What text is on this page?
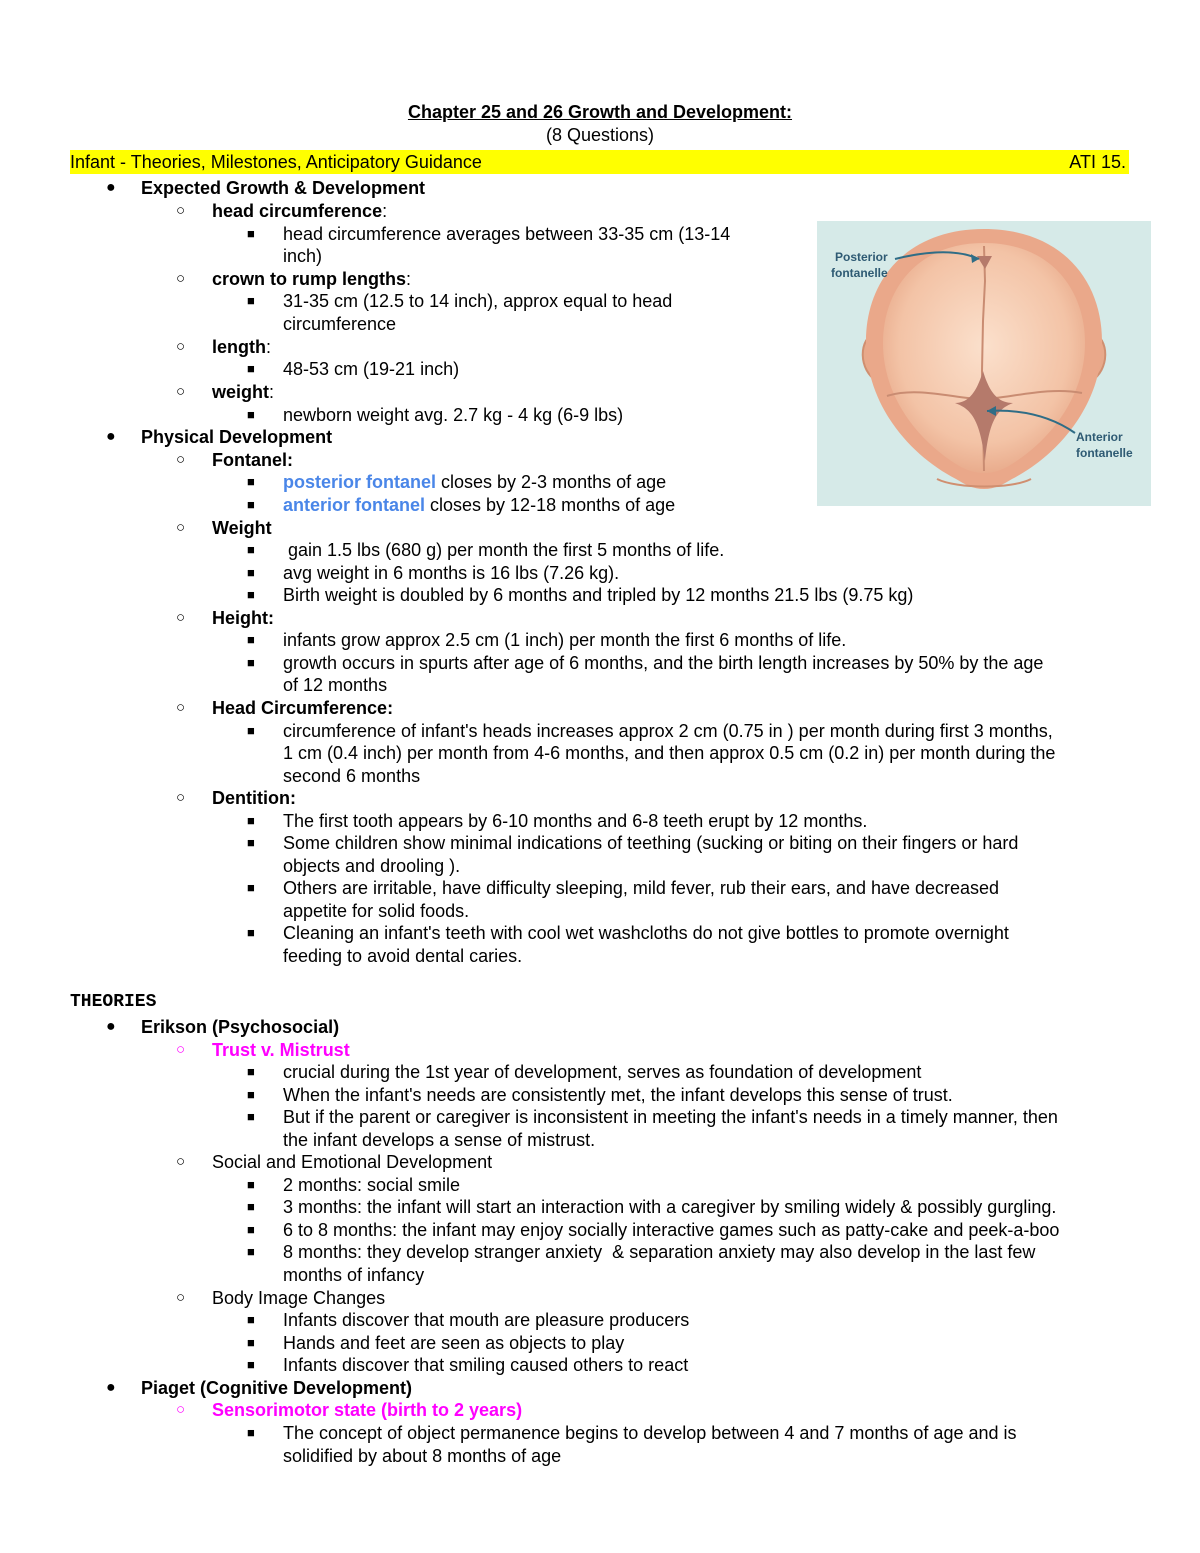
Chapter 25 and 26 Growth and Development:
(8 Questions)
Infant - Theories, Milestones, Anticipatory Guidance	ATI 15.
Posterior
fontanelle
Anterior
fontanelle
● Expected Growth & Development
○ head circumference:
■ head circumference averages between 33-35 cm (13-14
inch)
○ crown to rump lengths:
■ 31-35 cm (12.5 to 14 inch), approx equal to head
circumference
○ length:
■ 48-53 cm (19-21 inch)
○ weight:
■ newborn weight avg. 2.7 kg - 4 kg (6-9 lbs)
● Physical Development
○ Fontanel:
■ posterior fontanel closes by 2-3 months of age
■ anterior fontanel closes by 12-18 months of age
○ Weight
■ gain 1.5 lbs (680 g) per month the first 5 months of life.
■ avg weight in 6 months is 16 lbs (7.26 kg).
■ Birth weight is doubled by 6 months and tripled by 12 months 21.5 lbs (9.75 kg)
○ Height:
■ infants grow approx 2.5 cm (1 inch) per month the first 6 months of life.
■ growth occurs in spurts after age of 6 months, and the birth length increases by 50% by the age
of 12 months
○ Head Circumference:
■ circumference of infant's heads increases approx 2 cm (0.75 in ) per month during first 3 months,
1 cm (0.4 inch) per month from 4-6 months, and then approx 0.5 cm (0.2 in) per month during the
second 6 months
○ Dentition:
■ The first tooth appears by 6-10 months and 6-8 teeth erupt by 12 months.
■ Some children show minimal indications of teething (sucking or biting on their fingers or hard
objects and drooling ).
■ Others are irritable, have difficulty sleeping, mild fever, rub their ears, and have decreased
appetite for solid foods.
■ Cleaning an infant's teeth with cool wet washcloths do not give bottles to promote overnight
feeding to avoid dental caries.
THEORIES
● Erikson (Psychosocial)
○ Trust v. Mistrust
■ crucial during the 1st year of development, serves as foundation of development
■ When the infant's needs are consistently met, the infant develops this sense of trust.
■ But if the parent or caregiver is inconsistent in meeting the infant's needs in a timely manner, then
the infant develops a sense of mistrust.
○ Social and Emotional Development
■ 2 months: social smile
■ 3 months: the infant will start an interaction with a caregiver by smiling widely & possibly gurgling.
■ 6 to 8 months: the infant may enjoy socially interactive games such as patty-cake and peek-a-boo
■ 8 months: they develop stranger anxiety  & separation anxiety may also develop in the last few
months of infancy
○ Body Image Changes
■ Infants discover that mouth are pleasure producers
■ Hands and feet are seen as objects to play
■ Infants discover that smiling caused others to react
● Piaget (Cognitive Development)
○ Sensorimotor state (birth to 2 years)
■ The concept of object permanence begins to develop between 4 and 7 months of age and is
solidified by about 8 months of age
